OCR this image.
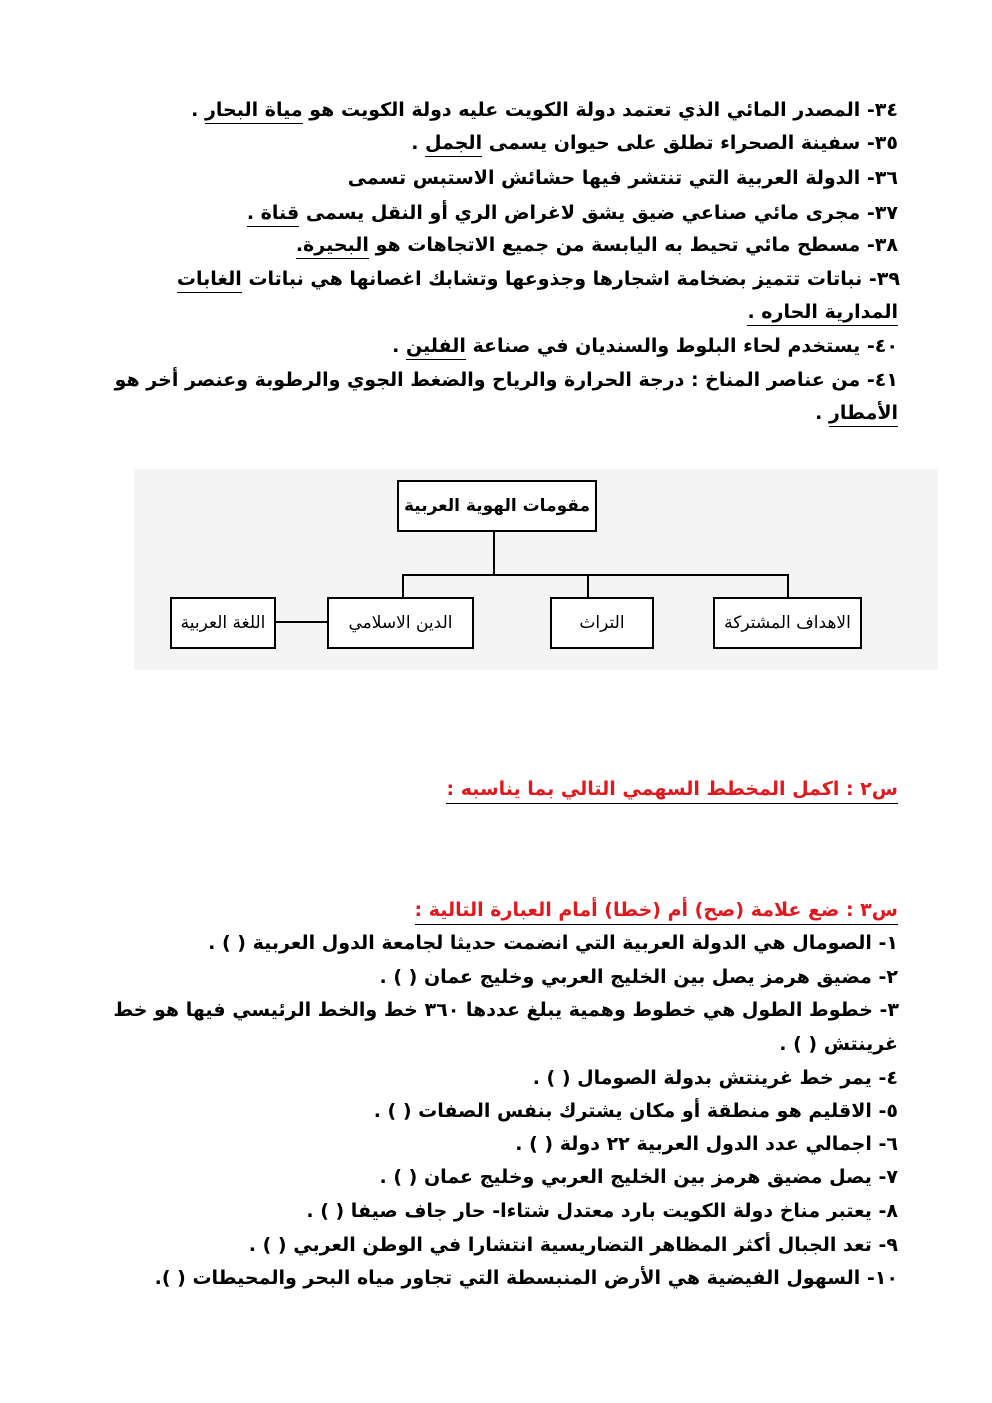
٣٤- المصدر المائي الذي تعتمد دولة الكويت عليه دولة الكويت هو مياة البحار .
٣٥- سفينة الصحراء تطلق على حيوان يسمى الجمل .
٣٦- الدولة العربية التي تنتشر فيها حشائش الاستبس تسمى
٣٧- مجرى مائي صناعي ضيق يشق لاغراض الري أو النقل يسمى قناة .
٣٨- مسطح مائي تحيط به اليابسة من جميع الاتجاهات هو البحيرة.
٣٩- نباتات تتميز بضخامة اشجارها وجذوعها وتشابك اغصانها هي نباتات الغابات
المدارية الحاره .
٤٠- يستخدم لحاء البلوط والسنديان في صناعة الفلين .
٤١- من عناصر المناخ : درجة الحرارة والرياح والضغط الجوي والرطوبة وعنصر أخر هو
الأمطار .
مقومات الهوية العربية
الاهداف المشتركة
التراث
الدين الاسلامي
اللغة العربية
س٢ : اكمل المخطط السهمي التالي بما يناسبه :
س٣ : ضع علامة (صح) أم (خطا) أمام العبارة التالية :
١- الصومال هي الدولة العربية التي انضمت حديثا لجامعة الدول العربية ( ) .
٢- مضيق هرمز يصل بين الخليج العربي وخليج عمان ( ) .
٣- خطوط الطول هي خطوط وهمية يبلغ عددها ٣٦٠ خط والخط الرئيسي فيها هو خط
غرينتش ( ) .
٤- يمر خط غرينتش بدولة الصومال ( ) .
٥- الاقليم هو منطقة أو مكان يشترك بنفس الصفات ( ) .
٦- اجمالي عدد الدول العربية ٢٢ دولة ( ) .
٧- يصل مضيق هرمز بين الخليج العربي وخليج عمان ( ) .
٨- يعتبر مناخ دولة الكويت بارد معتدل شتاءا- حار جاف صيفا ( ) .
٩- تعد الجبال أكثر المظاهر التضاريسية انتشارا في الوطن العربي ( ) .
١٠- السهول الفيضية هي الأرض المنبسطة التي تجاور مياه البحر والمحيطات ( ).
